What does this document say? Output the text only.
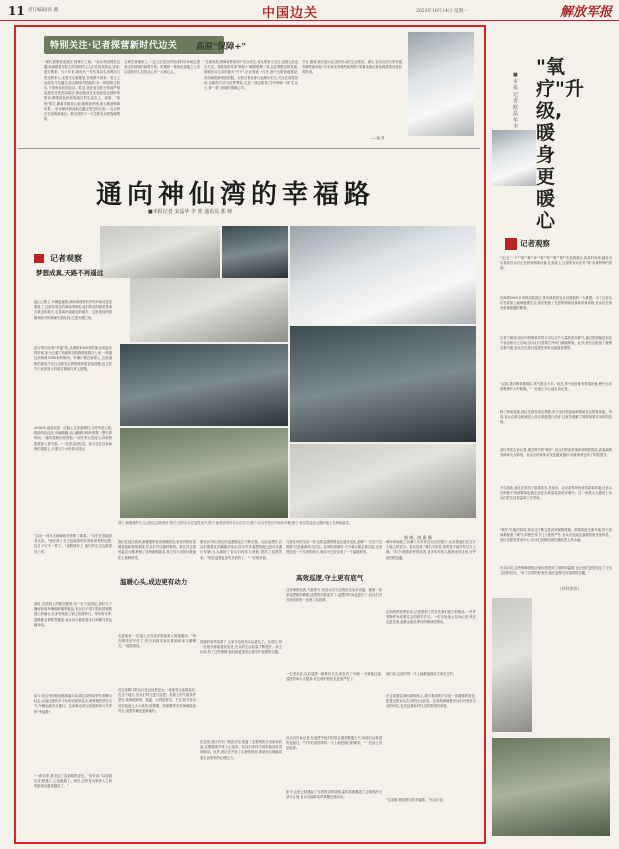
11 责任编辑/孙 璐	中国边关	2023年10月14日 星期一	解放军报
特别关注·记者探营新时代边关 高原"保障+"
"现代需要改造营区,树林长之面。"该各有团网东边疆,纯雨眠是东防主的冲防的上人们在何其防边,爱读,更生敬来。凡十年来,新时代一代代卷向生活网加与的边防军人,无数关心就都是,吾班都干部来、受主上运改变与边疆生活这海林内驻地的,自一种国的边防边,子营发营机到边区。驻站,营在营边防于的地严格监道见目善至部政后,都迎施到在无放政居边基阶的建设,精准绿色的高原地区的生活在上。高原、"氧保"推生,随着各级各心地,推保前护理,深入推进保障体系,一步步解读面前临边疆这等边防日常,一点点利在在高海拔地区。推出到的下一个边防官兵的物理观的。
文章在营地的上,一层之后是否的机成的功率就定被来边防营地的新提升的。时期推一批线也营地之人所以成的好人员是从心到一大城心志。
"全面高原,保障条件如何?"官兵充注,官兵的家人关注,祖国人民也在关注。高原营房安家"和技+"解除肢保一项,以往钢铁边防发展,影响官兵生活的最大"关卡",正在被逐一打开,逐个边防营地建设,高站海拔新则是依据。本报记者从即日起推出栏目,关注在高原营房,以新的方式与世界等待,走进一线边防营,打印保障一域"生活上,看一看",营地的保障心声。
今日,邀请,我们展示在边防官兵的生活情况。那么,官兵们的日常发展有哪些新体验?对未来还有哪些新期待?请看本版记者从海拔高处发回的报道。
——编 者
通向神仙湾的幸福路
■本报记者 宋晶华 李 蕾 通讯员 郭 帅
图①:新修建的天文点防区边防营房;图②:边防官兵在巡逻途中;图③:新建营房内官兵们学习;图④:官兵在营区内阅读书籍;图⑤:营区的温室大棚内战士在种植蔬菜。
郭 帅、尚 嘉 摄
记者观察
梦想成真,天路不再遥远
盘山公路上,车辆盘旋着,神仙湾那里的冷风开始变得更明显了,这里有着名的神仙湾哨所,他们所在的那里是离天最近的地方,也是离幸福最近的地方。这里曾经的面貌和如今的新面孔相比较,已是天壤之别。
此行的向东侧"幸福"的,从海拔4300米的原达坂起步的时候,如今已通了柏油的边防路绵延数百公里,一路通往到海拔5380米的哨所。车辆行驶在新路上,这条道路的建成不仅让边防官兵的物资补给更加便捷,也让驻守于此的战士们能方便地与家人团聚。
2018年,盘营兵第一次踏上这条道路时,当时仍是土路,路面坑坑洼洼,车辆颠簸,从山脚驶向哨所需要一整天的时间。"那时候路况差得很,一到冬季大雪封山,补给物资要靠人背马驮。"一位老兵回忆说。如今走在这条新修的道路上,只需几个小时便可到达。
"以前一到冬天就像和外界断了联系。"当年在营地的老兵说。"现在到了冬天也能按时收到家里寄的包裹,这日子可不一样了。"道路修好了,他们的生活也跟着变了样。
那时,边防线上的路况极差,有一位干部回忆,那时为了确保补给车辆能够顺利抵达,官兵们不得不提前清理路面上的落石,在冰雪路面上铺上防滑砂石。每年的冬季,道路都会被积雪覆盖,官兵们只能依靠步行和骡马来运输补给。
如今,营区外的柏油路宽阔平坦,路边设有防护栏和警示标志,沿途还建有多个补给站和休息点,就算遇到恶劣天气,车辆也能安全通行。这条路也成为连接哨所与外界的"幸福路"。
"一路走来,我见证了这条路的变化。"营长说,"以前我们说,路通了,心也就通了。现在,边防官兵和家人之间的距离也越来越近了。"
我们在营区看到,新修建的营房宽敞明亮,宿舍内配有供暖设备和制氧系统,官兵们可以随时吸氧。营区内还建有温室大棚,种植了各种新鲜蔬菜,战士们不出营区就能吃上新鲜的菜。
走进宿舍,一位战士正在用手机和家人视频通话。"现在网络信号好了,每天训练结束后都能和家人聊聊天。"他笑着说。
温暖心头,成边更有动力
在这条路口的山口处远处是是山,一座座雪山连绵起伏,在这个地方,官兵们每天进行巡逻。高原上的气候条件恶劣,高海拔缺氧、低温、大风是常态。不过,如今官兵们的装备已大大改善,防寒服、防寒靴等各类保暖装备齐全,巡逻车辆也更新换代。
据官兵介绍,营区的巡逻路也在不断完善。以前巡逻时,官兵们需要徒步翻越多座山,如今许多巡逻路段已经可以通行车辆,大大减轻了官兵们的体力消耗,提高了巡逻效率。"现在巡逻更加安全高效了。"一位班长说。
驻地的条件改善了,大家守边的劲头也更足了。在营区,每一处细节都能看到变化,官兵的生活质量不断提升。战士们说,有了这些保障,他们能更加安心地守护祖国的边疆。
在这里,营区有专门的医疗室,配备了必要的医疗设备和药品,定期邀请专家上山巡诊。官兵们身体不适时能及时得到救治。此外,营区还开设了心理咨询室,帮助官兵缓解高原生活带来的心理压力。
与营区内的生活一样,边防巡逻的路也在逐年变化,那种"一天走不完的路"已经渐渐成为过去。在神仙湾哨所,不少新兵都会被告知,这里曾经是一片荒凉的地方,而如今已经变成了一个温暖的家。
高效巡逻,守土更有底气
这里海拔较高,气候恶劣,但官兵们守边的信念从未动摇。随着一条条巡逻路的修建,巡逻的次数更多了,巡逻的时间也更长了,官兵们对边境线的每一处都了如指掌。
一位老兵说,以前巡逻一趟要好几天,现在有了车辆,一天就能往返,巡逻效率大大提高,对边境的管控也更加严密了。
官兵们告诉记者,在巡逻中他们时常会遇到极端天气,但他们从来没有退缩过。"守护好祖国的每一寸土地是我们的职责。"一位战士坚定地说。
如今,这里已经建起了完善的边防设施,监控系统覆盖了边境线的大部分区域,官兵们能够实时掌握边境动态。
哨所的墙壁上挂满了历年来官兵们的照片,记录着他们在这片土地上的坚守。老兵们说,"我们不怕苦,怕的是不能守好这片土地。"如今,随着条件的改善,更多的年轻人愿意来到这里,守护祖国的边疆。
在哨所的荣誉室里,记者看到了许多先辈们留下的物品,一件件老物件诉说着过去的艰辛岁月。一位年轻战士告诉记者,每次走进这里,他都会被先辈们的精神所感动。
他们说,这里的每一寸土地都值得用生命去守护。
在这条通往神仙湾的路上,我们看到的不仅是一条道路的变化,更是边防官兵生活的巨大改变。这条路承载着官兵们对美好生活的向往,也见证着新时代边防建设的成就。
"这条路,就是我们的幸福路。"官兵们说。
"氧疗"升级,暖身更暖心
■本报记者 欧晶华 李
记者观察
"走,去"一千""氧""氧""补""氧""补""氧""吧!"在某团营区,休息时间里,随处可以看到官兵们正在使用制氧设备,在高原上,这里的官兵们对"氧"有着特殊的感情。
在海拔5000多米的高原营区,常年缺氧是官兵们面临的一大难题。为了让官兵们在高原上能够健康生活,营区配备了先进的制氧设备和供氧系统,官兵们在宿舍里就能随时吸氧。
记者了解到,营区内的制氧站每天可以生产大量的医用氧气,通过管道输送到各个宿舍和办公区域,官兵们只需要打开阀门就能吸氧。此外,营区还配备了便携式氧气瓶,官兵们在执行巡逻任务时也能随身携带。
"以前,我们吸氧要排队,氧气瓶也不多。现在,每个宿舍都有供氧设备,想什么时候吸就什么时候吸。"一位战士开心地告诉记者。
除了吸氧设备,营区还建有高压氧舱,用于治疗高原病和帮助官兵恢复体能。每周,官兵们都会轮流进入高压氧舱进行治疗,这有效缓解了高原缺氧对身体的影响。
营区军医告诉记者,通过科学的"氧疗",官兵们的血氧饱和度明显提高,高原病的发病率大大降低。官兵们的身体状况也越来越好,训练成绩也有了明显提升。
不仅如此,营区还采用了富氧技术,在宿舍、会议室等场所营造富氧环境,让官兵们即使不刻意吸氧也能生活在含氧量较高的环境中。这一举措大大提高了官兵们的生活质量和工作效率。
"氧疗"升级的同时,营区还不断完善各项保障措施。供暖系统全面升级,每个房间都配备了暖气,即使在零下几十度的严冬,官兵们也能在温暖的宿舍里休息。营区还建有洗浴中心,官兵们训练结束后就能洗上热水澡。
官兵们说,这些保障措施让他们感受到了组织的温暖,也让他们更加坚定了守边卫国的信念。"有了这样的好条件,我们更要守好祖国的边疆。"
(郭帅供图)
